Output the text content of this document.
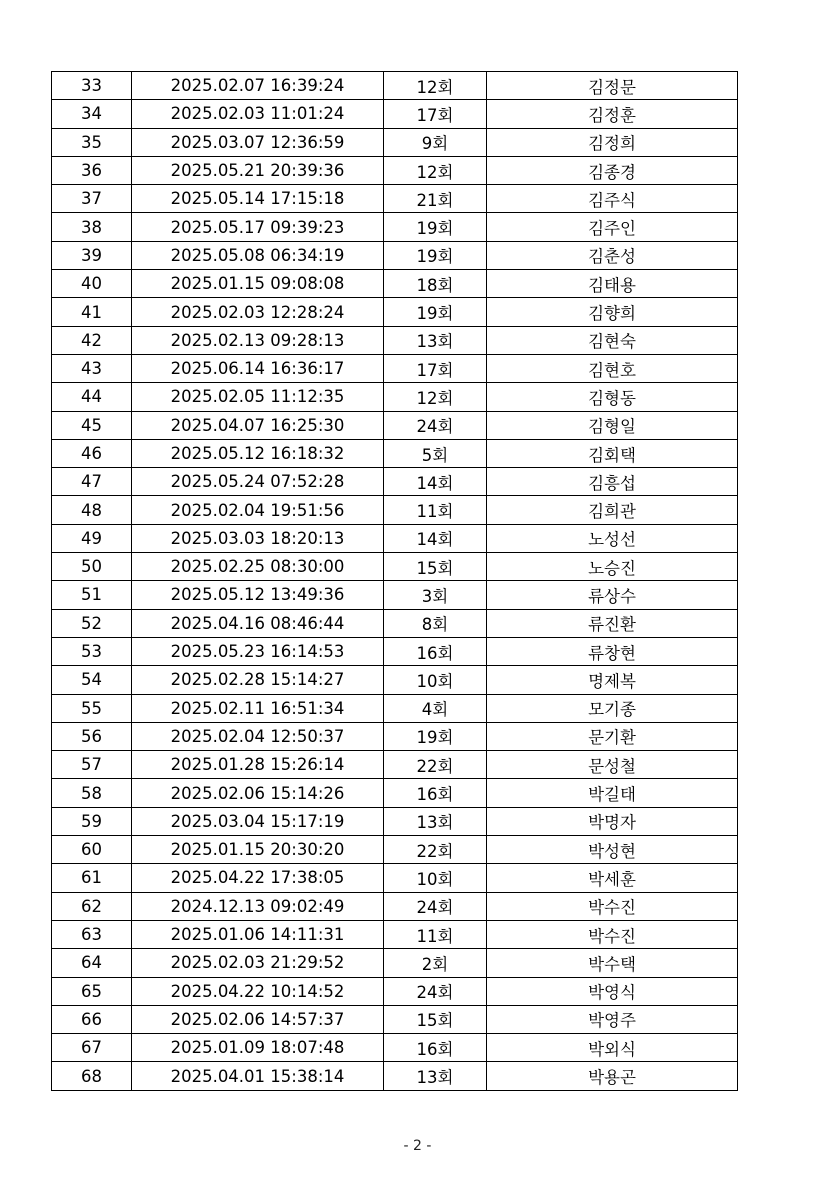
33	2025.02.07 16:39:24	12회	김정문
34	2025.02.03 11:01:24	17회	김정훈
35	2025.03.07 12:36:59	9회	김정희
36	2025.05.21 20:39:36	12회	김종경
37	2025.05.14 17:15:18	21회	김주식
38	2025.05.17 09:39:23	19회	김주인
39	2025.05.08 06:34:19	19회	김춘성
40	2025.01.15 09:08:08	18회	김태용
41	2025.02.03 12:28:24	19회	김향희
42	2025.02.13 09:28:13	13회	김현숙
43	2025.06.14 16:36:17	17회	김현호
44	2025.02.05 11:12:35	12회	김형동
45	2025.04.07 16:25:30	24회	김형일
46	2025.05.12 16:18:32	5회	김회택
47	2025.05.24 07:52:28	14회	김흥섭
48	2025.02.04 19:51:56	11회	김희관
49	2025.03.03 18:20:13	14회	노성선
50	2025.02.25 08:30:00	15회	노승진
51	2025.05.12 13:49:36	3회	류상수
52	2025.04.16 08:46:44	8회	류진환
53	2025.05.23 16:14:53	16회	류창현
54	2025.02.28 15:14:27	10회	명제복
55	2025.02.11 16:51:34	4회	모기종
56	2025.02.04 12:50:37	19회	문기환
57	2025.01.28 15:26:14	22회	문성철
58	2025.02.06 15:14:26	16회	박길태
59	2025.03.04 15:17:19	13회	박명자
60	2025.01.15 20:30:20	22회	박성현
61	2025.04.22 17:38:05	10회	박세훈
62	2024.12.13 09:02:49	24회	박수진
63	2025.01.06 14:11:31	11회	박수진
64	2025.02.03 21:29:52	2회	박수택
65	2025.04.22 10:14:52	24회	박영식
66	2025.02.06 14:57:37	15회	박영주
67	2025.01.09 18:07:48	16회	박외식
68	2025.04.01 15:38:14	13회	박용곤
- 2 -
